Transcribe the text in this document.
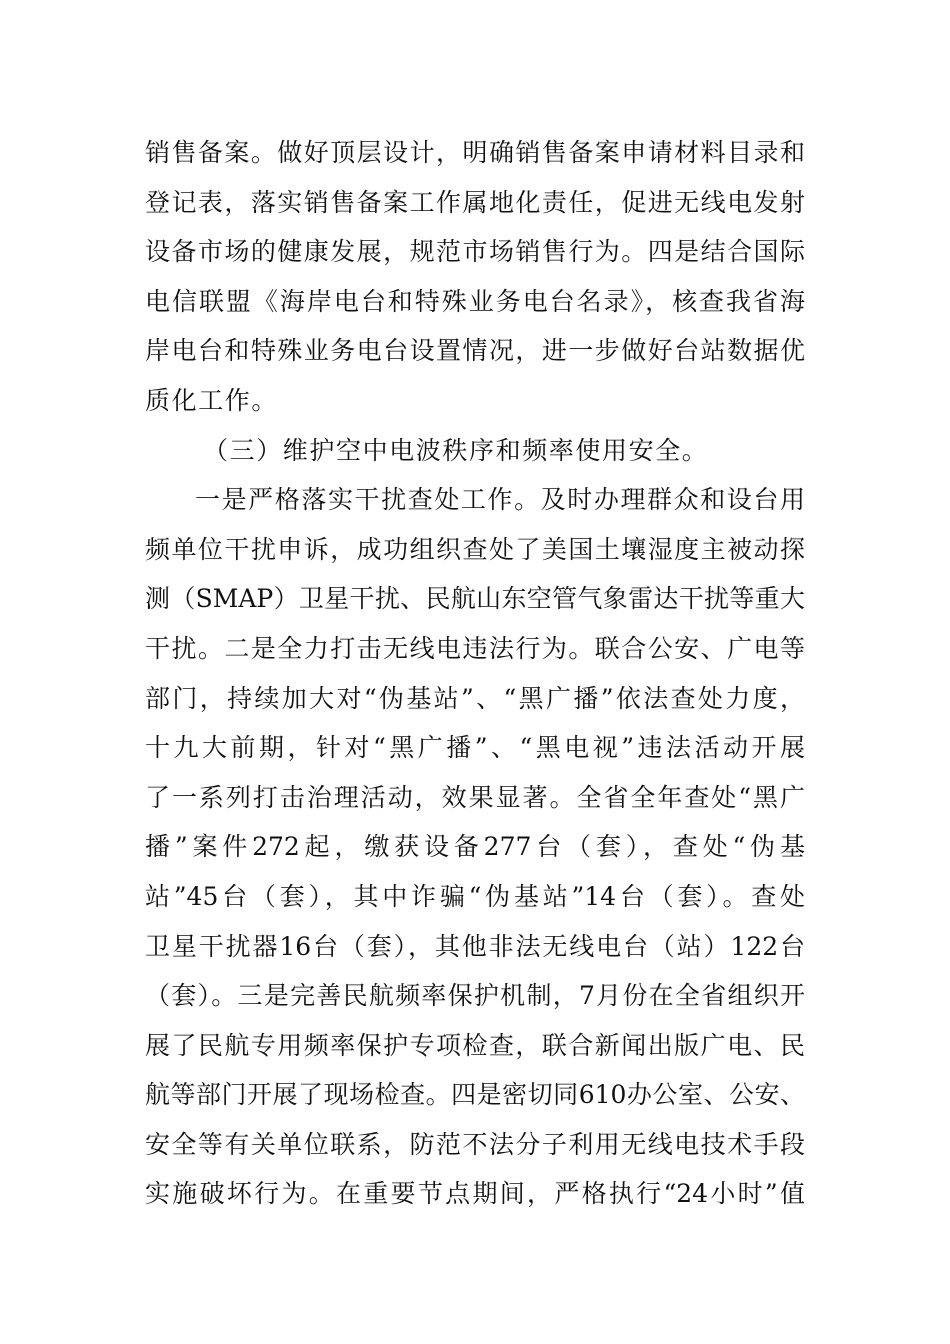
销售备案。做好顶层设计，明确销售备案申请材料目录和
登记表，落实销售备案工作属地化责任，促进无线电发射
设备市场的健康发展，规范市场销售行为。四是结合国际
电信联盟《海岸电台和特殊业务电台名录》，核查我省海
岸电台和特殊业务电台设置情况，进一步做好台站数据优
质化工作。
（三）维护空中电波秩序和频率使用安全。
一是严格落实干扰查处工作。及时办理群众和设台用
频单位干扰申诉，成功组织查处了美国土壤湿度主被动探
测（SMAP）卫星干扰、民航山东空管气象雷达干扰等重大
干扰。二是全力打击无线电违法行为。联合公安、广电等
部门，持续加大对“伪基站”、“黑广播”依法查处力度，
十九大前期，针对“黑广播”、“黑电视”违法活动开展
了一系列打击治理活动，效果显著。全省全年查处“黑广
播”案件272起，缴获设备277台（套），查处“伪基
站”45台（套），其中诈骗“伪基站”14台（套）。查处
卫星干扰器16台（套），其他非法无线电台（站）122台
（套）。三是完善民航频率保护机制，7月份在全省组织开
展了民航专用频率保护专项检查，联合新闻出版广电、民
航等部门开展了现场检查。四是密切同610办公室、公安、
安全等有关单位联系，防范不法分子利用无线电技术手段
实施破坏行为。在重要节点期间，严格执行“24小时”值
